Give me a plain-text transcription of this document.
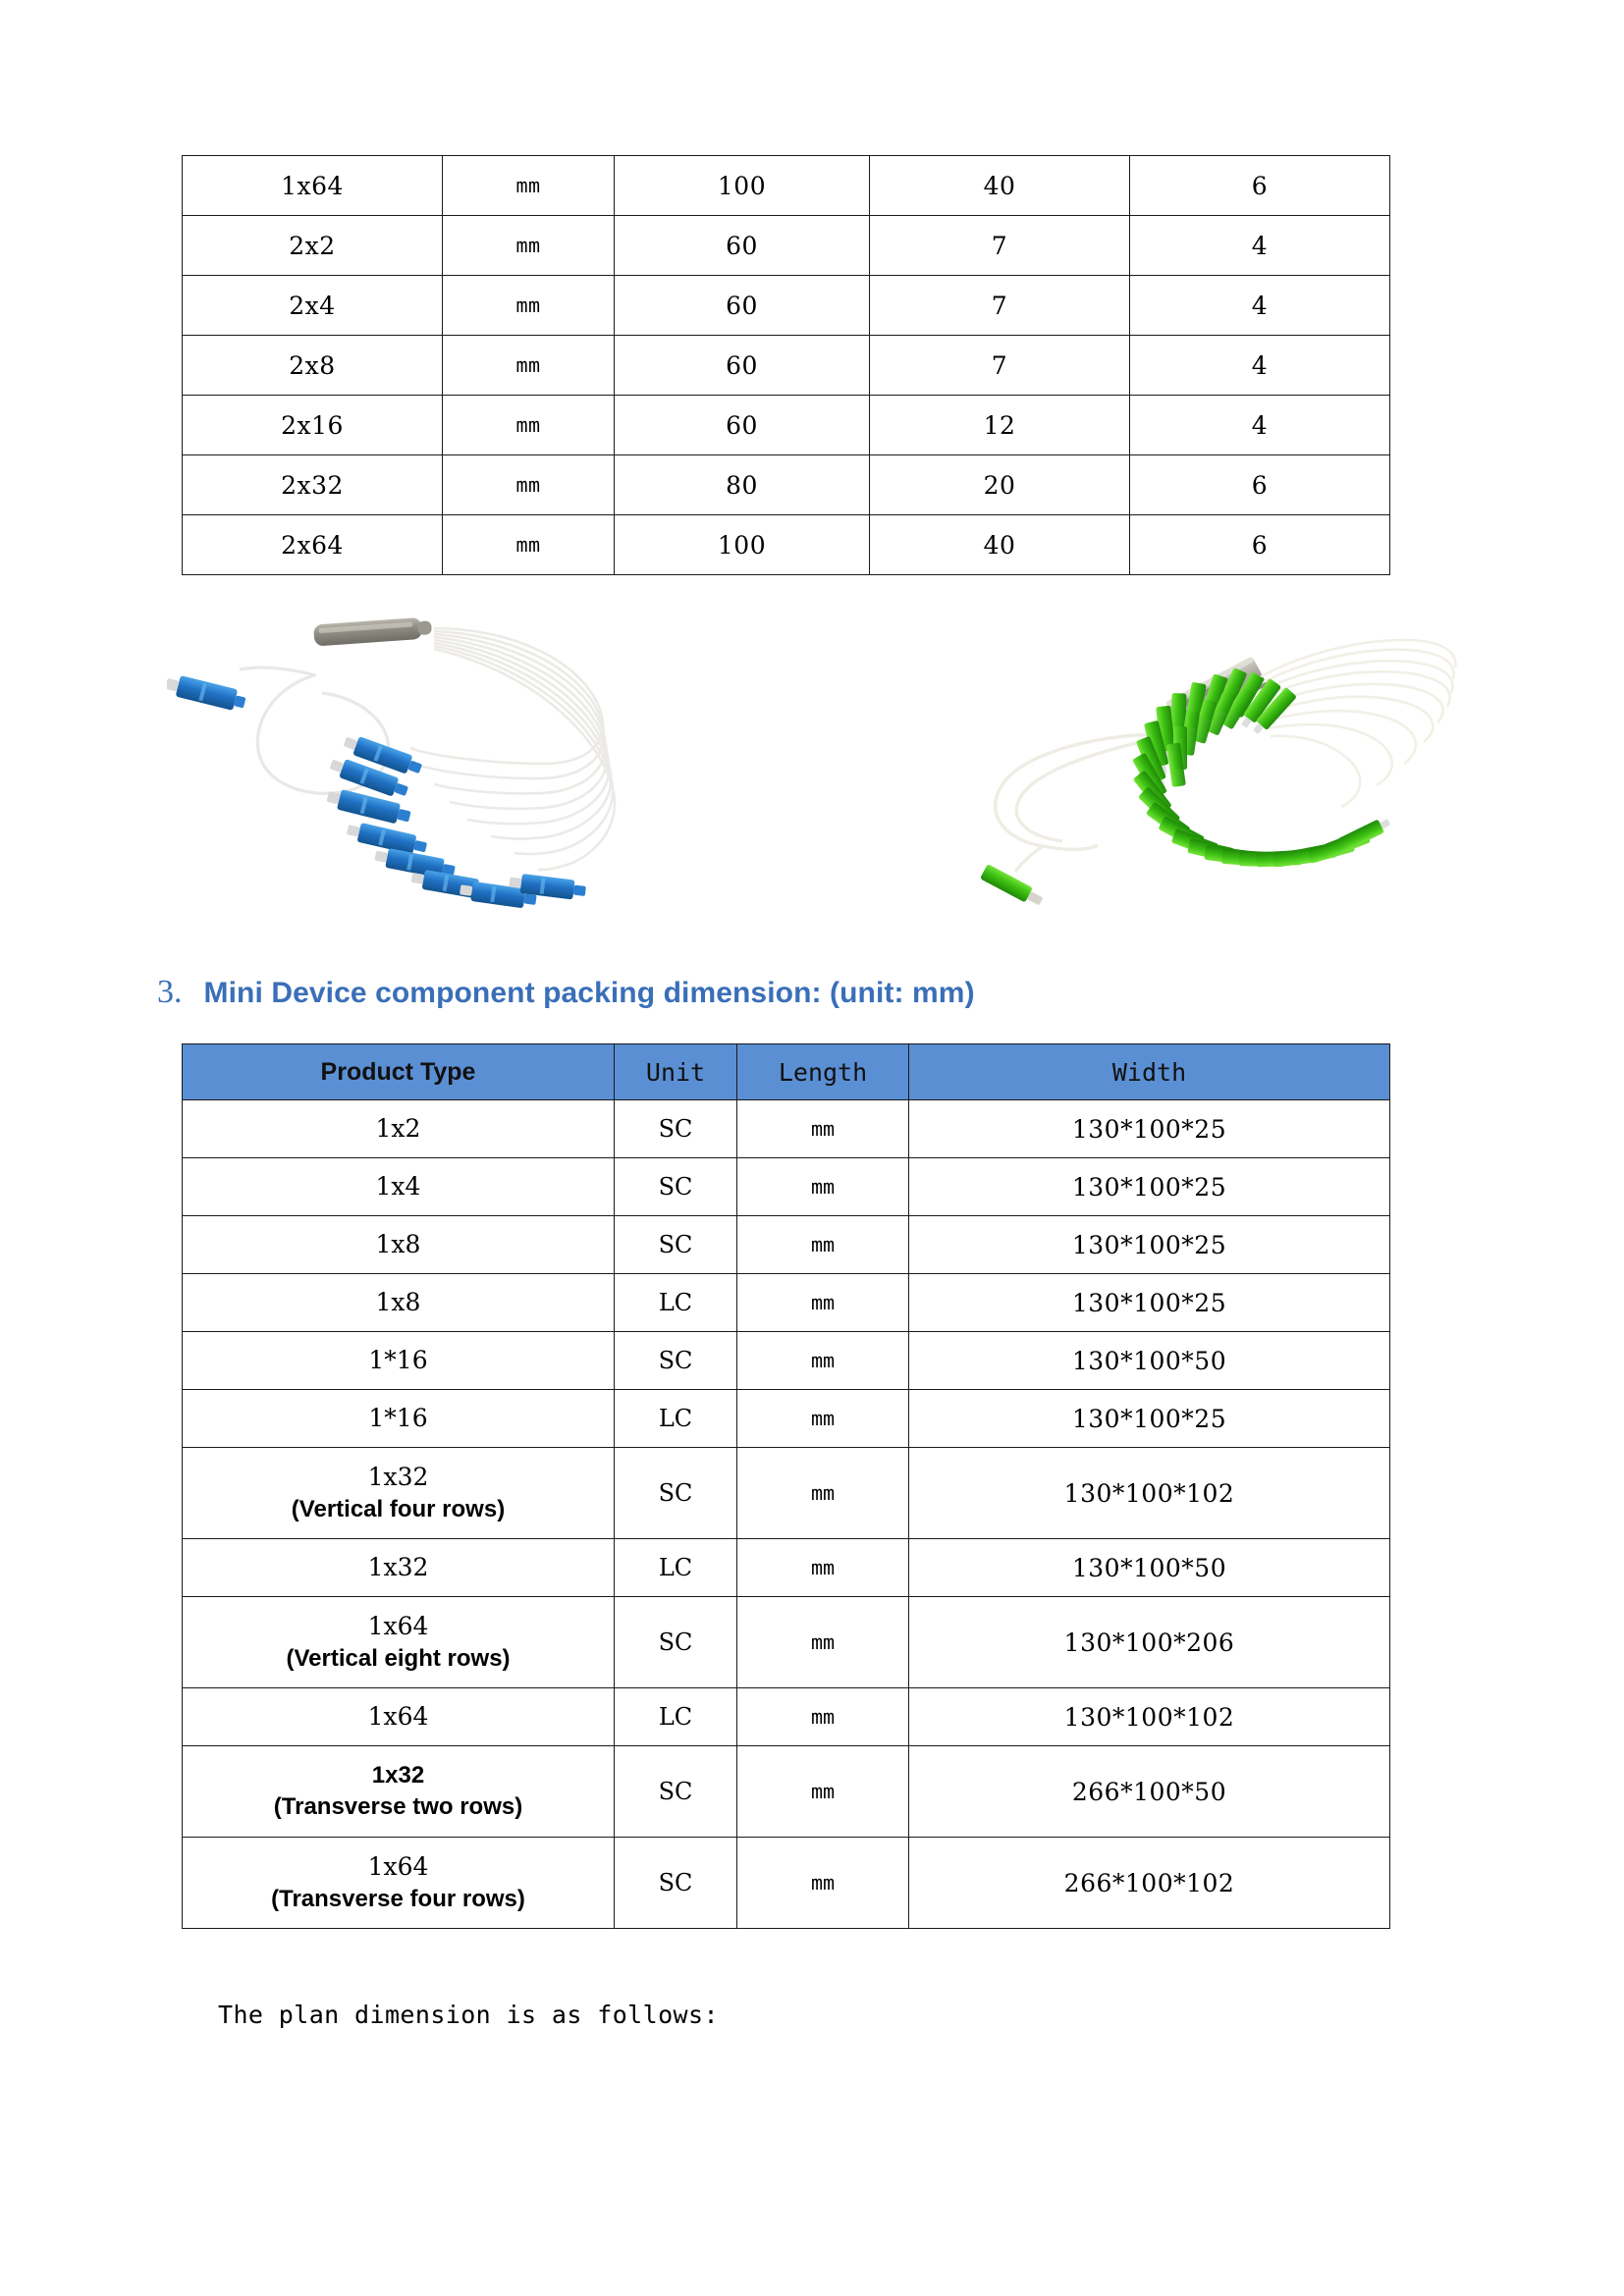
1x64	mm	100	40	6
2x2	mm	60	7	4
2x4	mm	60	7	4
2x8	mm	60	7	4
2x16	mm	60	12	4
2x32	mm	80	20	6
2x64	mm	100	40	6
3. Mini Device component packing dimension: (unit: mm)
Product Type	Unit	Length	Width

1x2	SC	mm	130*100*25

1x4	SC	mm	130*100*25

1x8	SC	mm	130*100*25

1x8	LC	mm	130*100*25

1*16	SC	mm	130*100*50

1*16	LC	mm	130*100*25

1x32
(Vertical four rows)	SC	mm	130*100*102

1x32	LC	mm	130*100*50

1x64
(Vertical eight rows)	SC	mm	130*100*206

1x64	LC	mm	130*100*102

1x32
(Transverse two rows)	SC	mm	266*100*50

1x64
(Transverse four rows)	SC	mm	266*100*102
The plan dimension is as follows:
